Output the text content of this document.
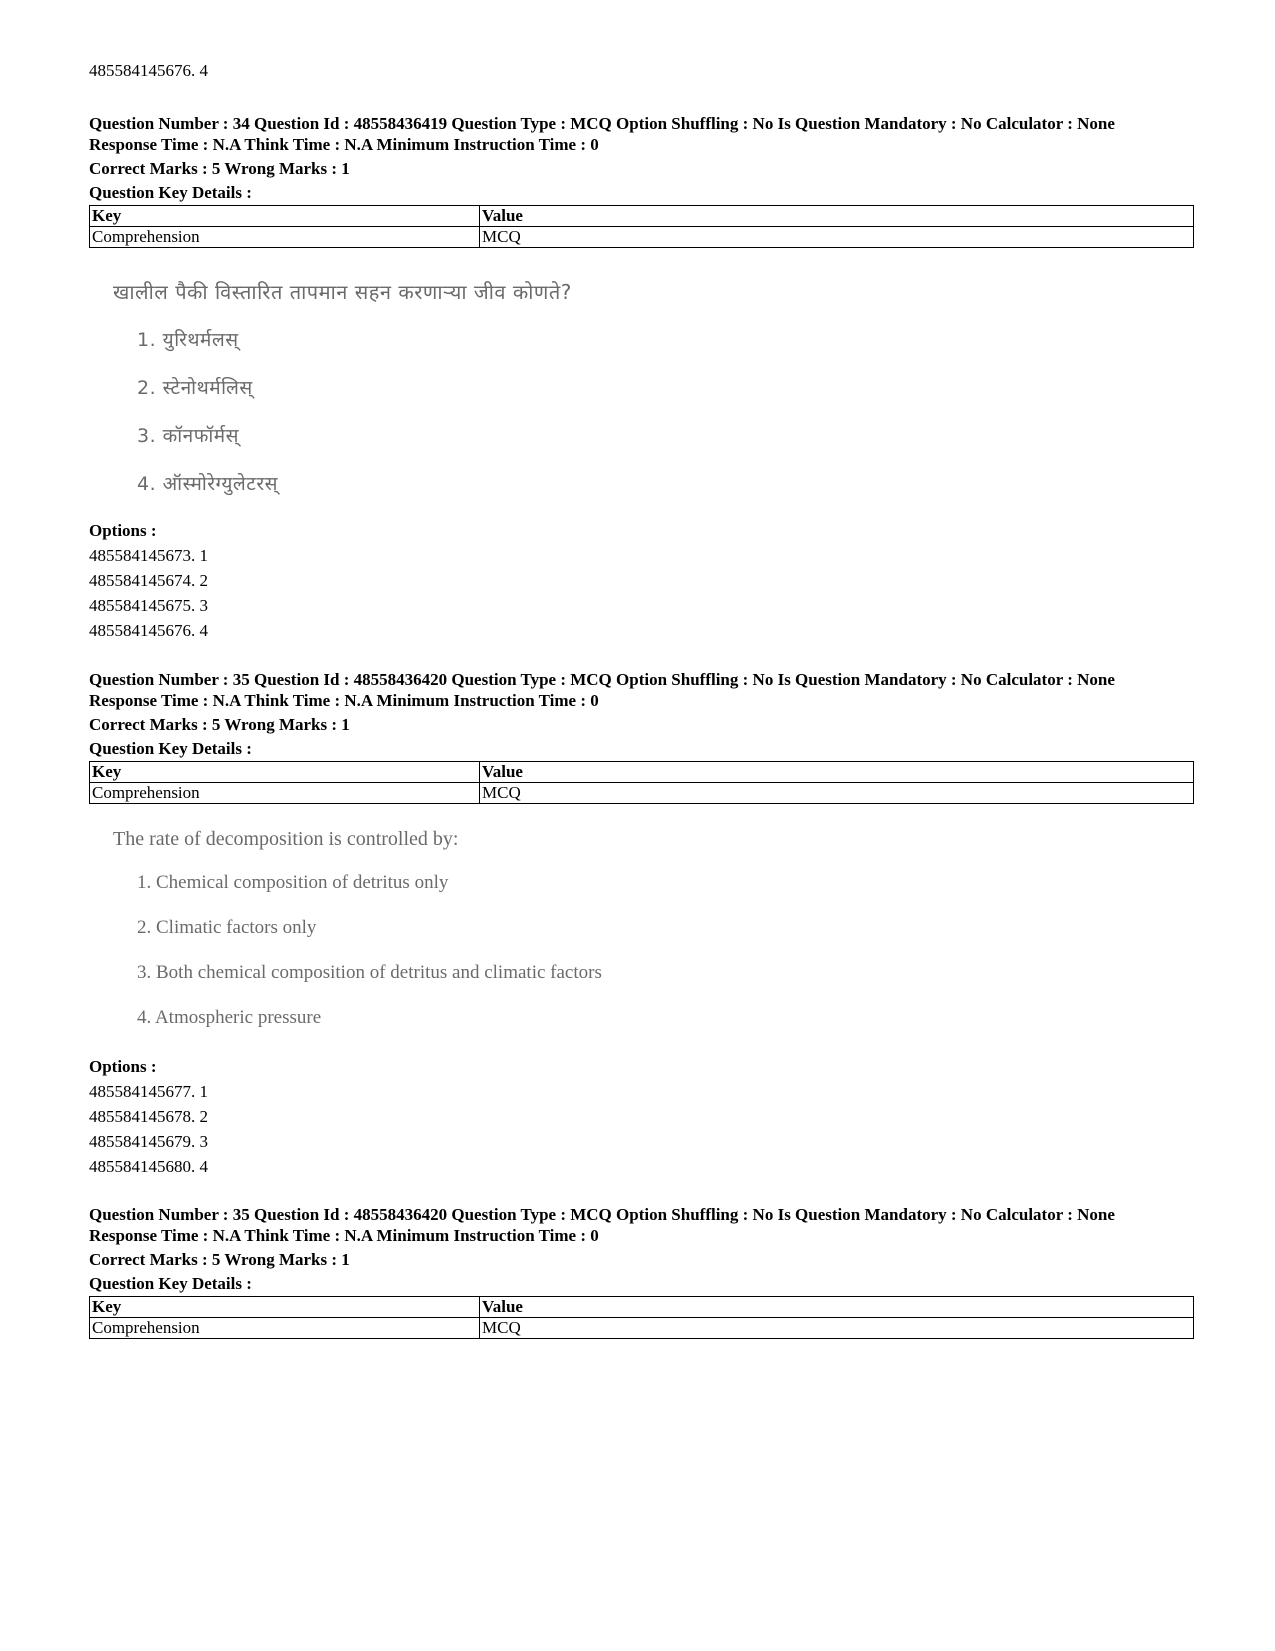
485584145676. 4
Question Number : 34 Question Id : 48558436419 Question Type : MCQ Option Shuffling : No Is Question Mandatory : No Calculator : None
Response Time : N.A Think Time : N.A Minimum Instruction Time : 0
Correct Marks : 5 Wrong Marks : 1
Question Key Details :
Key	Value
Comprehension	MCQ
खालील पैकी विस्तारित तापमान सहन करणाऱ्या जीव कोणते?
1. युरिथर्मलस्
2. स्टेनोथर्मलिस्
3. कॉनफॉर्मस्
4. ऑस्मोरेग्युलेटरस्
Options :
485584145673. 1
485584145674. 2
485584145675. 3
485584145676. 4
Question Number : 35 Question Id : 48558436420 Question Type : MCQ Option Shuffling : No Is Question Mandatory : No Calculator : None
Response Time : N.A Think Time : N.A Minimum Instruction Time : 0
Correct Marks : 5 Wrong Marks : 1
Question Key Details :
Key	Value
Comprehension	MCQ
The rate of decomposition is controlled by:
1. Chemical composition of detritus only
2. Climatic factors only
3. Both chemical composition of detritus and climatic factors
4. Atmospheric pressure
Options :
485584145677. 1
485584145678. 2
485584145679. 3
485584145680. 4
Question Number : 35 Question Id : 48558436420 Question Type : MCQ Option Shuffling : No Is Question Mandatory : No Calculator : None
Response Time : N.A Think Time : N.A Minimum Instruction Time : 0
Correct Marks : 5 Wrong Marks : 1
Question Key Details :
Key	Value
Comprehension	MCQ
